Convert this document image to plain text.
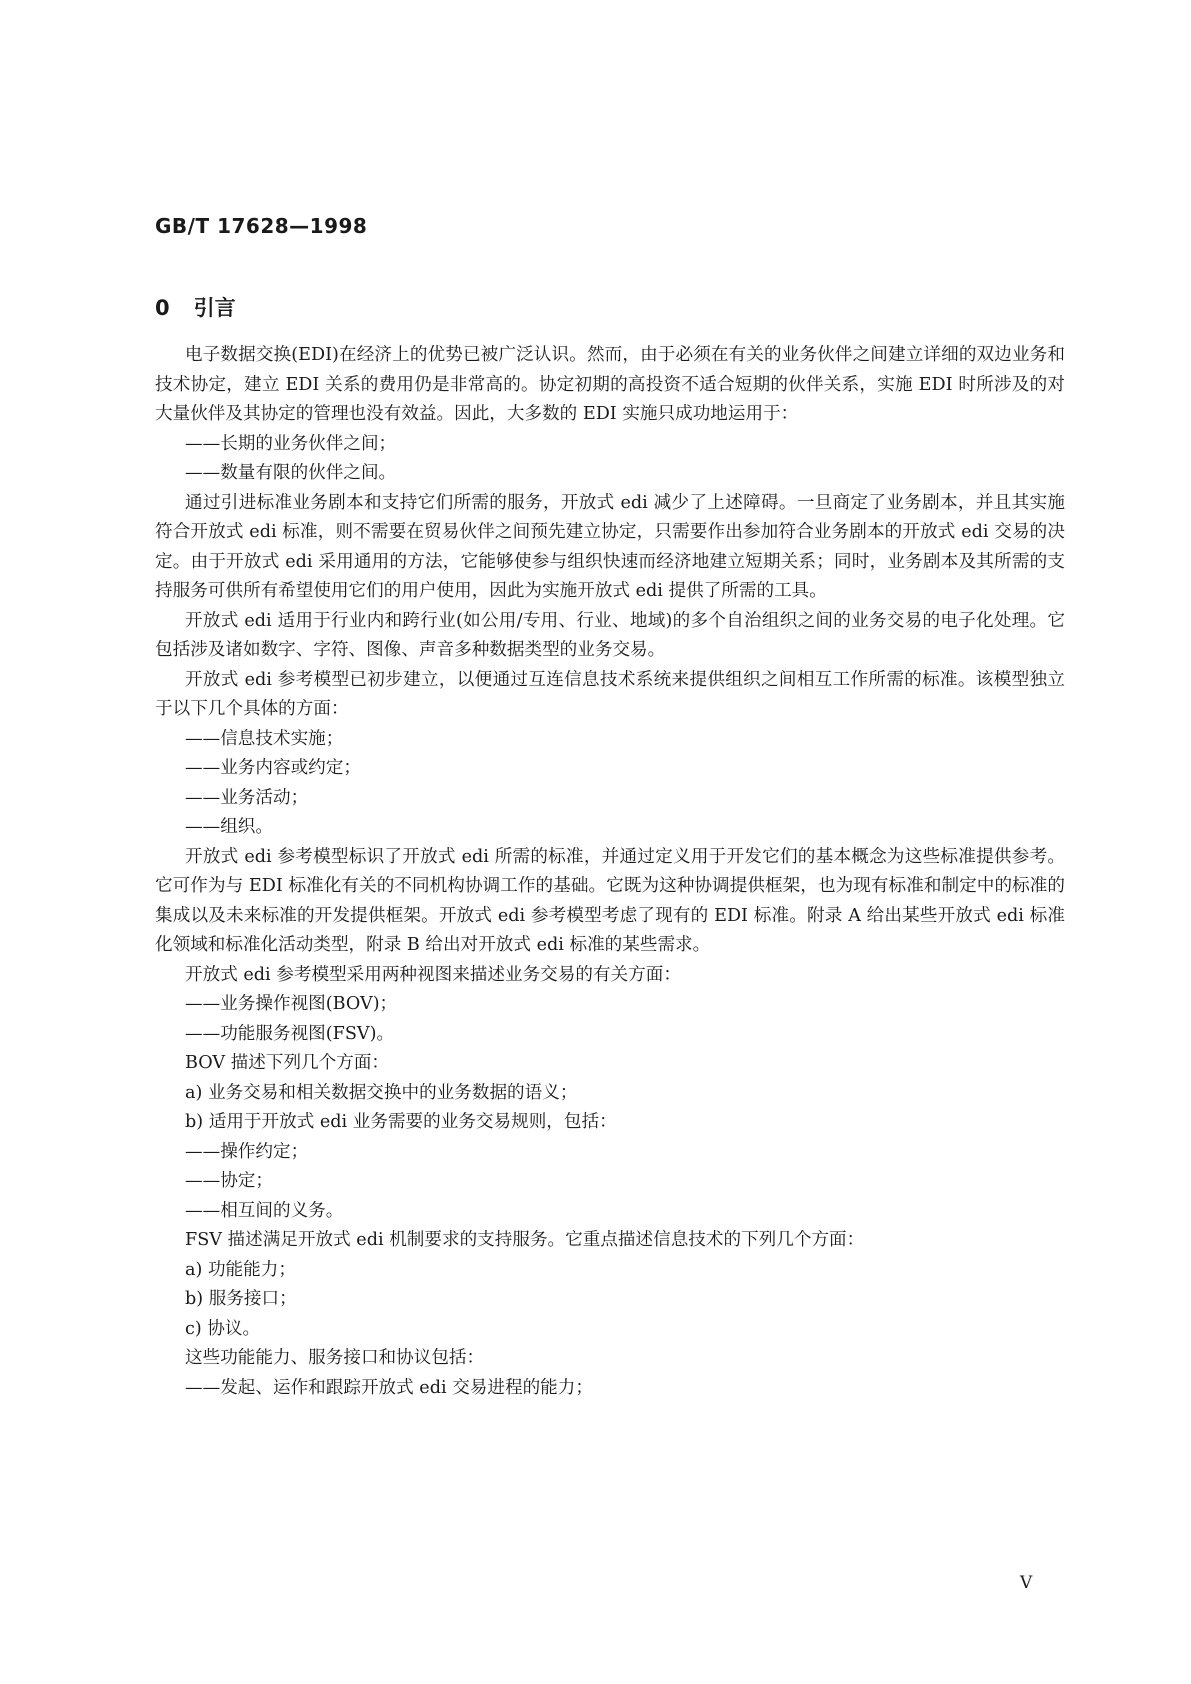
GB/T 17628—1998
0 引言

电子数据交换(EDI)在经济上的优势已被广泛认识。然而，由于必须在有关的业务伙伴之间建立详细的双边业务和技术协定，建立 EDI 关系的费用仍是非常高的。协定初期的高投资不适合短期的伙伴关系，实施 EDI 时所涉及的对大量伙伴及其协定的管理也没有效益。因此，大多数的 EDI 实施只成功地运用于：

——长期的业务伙伴之间；

——数量有限的伙伴之间。

通过引进标准业务剧本和支持它们所需的服务，开放式 edi 减少了上述障碍。一旦商定了业务剧本，并且其实施符合开放式 edi 标准，则不需要在贸易伙伴之间预先建立协定，只需要作出参加符合业务剧本的开放式 edi 交易的决定。由于开放式 edi 采用通用的方法，它能够使参与组织快速而经济地建立短期关系；同时，业务剧本及其所需的支持服务可供所有希望使用它们的用户使用，因此为实施开放式 edi 提供了所需的工具。

开放式 edi 适用于行业内和跨行业(如公用/专用、行业、地域)的多个自治组织之间的业务交易的电子化处理。它包括涉及诸如数字、字符、图像、声音多种数据类型的业务交易。

开放式 edi 参考模型已初步建立，以便通过互连信息技术系统来提供组织之间相互工作所需的标准。该模型独立于以下几个具体的方面：

——信息技术实施；

——业务内容或约定；

——业务活动；

——组织。

开放式 edi 参考模型标识了开放式 edi 所需的标准，并通过定义用于开发它们的基本概念为这些标准提供参考。它可作为与 EDI 标准化有关的不同机构协调工作的基础。它既为这种协调提供框架，也为现有标准和制定中的标准的集成以及未来标准的开发提供框架。开放式 edi 参考模型考虑了现有的 EDI 标准。附录 A 给出某些开放式 edi 标准化领域和标准化活动类型，附录 B 给出对开放式 edi 标准的某些需求。

开放式 edi 参考模型采用两种视图来描述业务交易的有关方面：

——业务操作视图(BOV)；

——功能服务视图(FSV)。

BOV 描述下列几个方面：

a) 业务交易和相关数据交换中的业务数据的语义；

b) 适用于开放式 edi 业务需要的业务交易规则，包括：

——操作约定；

——协定；

——相互间的义务。

FSV 描述满足开放式 edi 机制要求的支持服务。它重点描述信息技术的下列几个方面：

a) 功能能力；

b) 服务接口；

c) 协议。

这些功能能力、服务接口和协议包括：

——发起、运作和跟踪开放式 edi 交易进程的能力；

V
